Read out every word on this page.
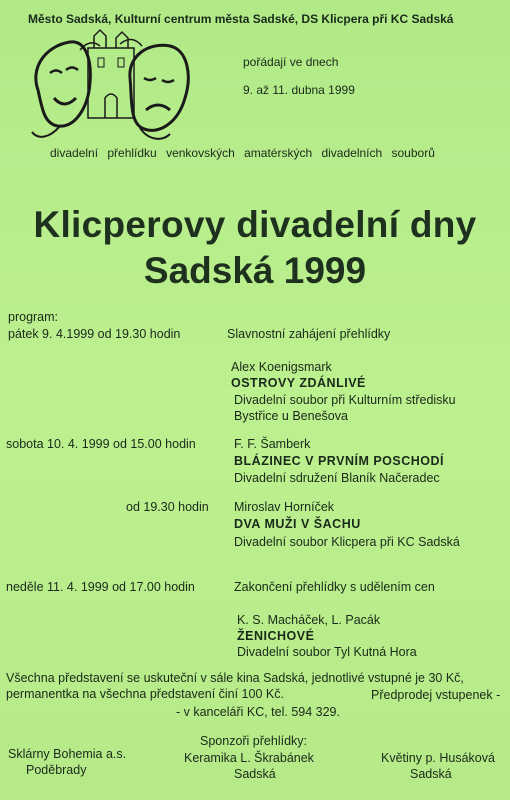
Město Sadská, Kulturní centrum města Sadské, DS Klicpera při KC Sadská
pořádají ve dnech
9. až 11. dubna 1999
divadelní přehlídku venkovských amatérských divadelních souborů
Klicperovy divadelní dny
Sadská 1999
program:
pátek 9. 4.1999 od 19.30 hodin	Slavnostní zahájení přehlídky
Alex Koenigsmark
OSTROVY ZDÁNLIVÉ
Divadelní soubor při Kulturním středisku
Bystřice u Benešova
sobota 10. 4. 1999 od 15.00 hodin	F. F. Šamberk
BLÁZINEC V PRVNÍM POSCHODÍ
Divadelní sdružení Blaník Načeradec
od 19.30 hodin Miroslav Horníček
DVA MUŽI V ŠACHU
Divadelní soubor Klicpera při KC Sadská
neděle 11. 4. 1999 od 17.00 hodin	Zakončení přehlídky s udělením cen
K. S. Macháček, L. Pacák
ŽENICHOVÉ
Divadelní soubor Tyl Kutná Hora
Všechna představení se uskuteční v sále kina Sadská, jednotlivé vstupné je 30 Kč,
permanentka na všechna představení činí 100 Kč.	Předprodej vstupenek -
- v kanceláři KC, tel. 594 329.
Sponzoři přehlídky:
Sklárny Bohemia a.s.
Poděbrady
Keramika L. Škrabánek
Sadská
Květiny p. Husáková
Sadská
